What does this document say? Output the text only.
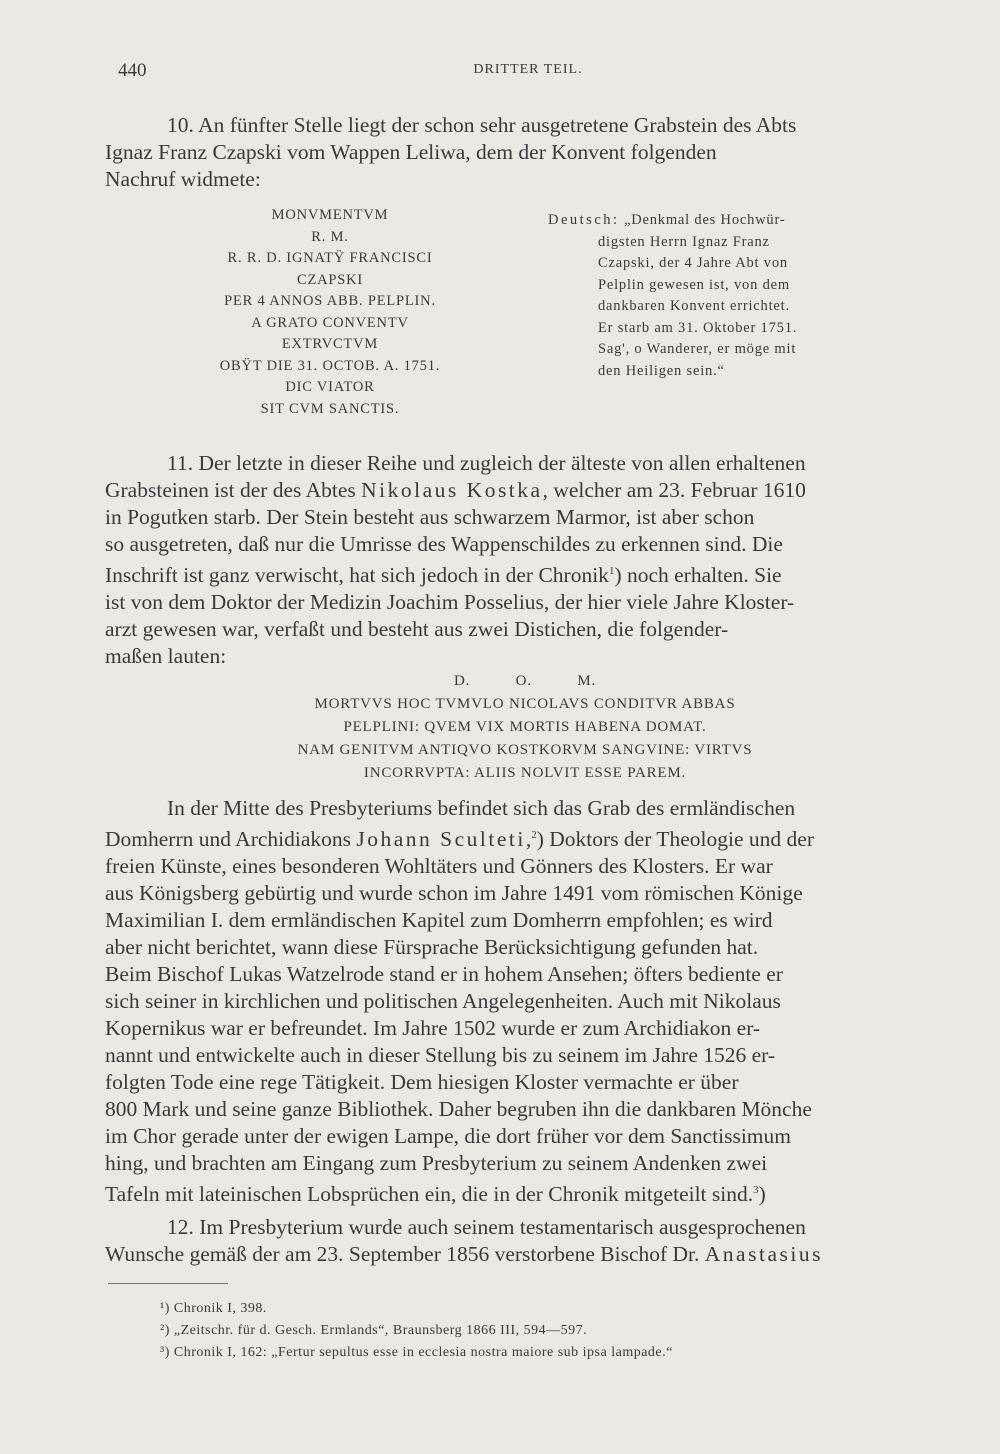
440	DRITTER TEIL.
10. An fünfter Stelle liegt der schon sehr ausgetretene Grabstein des Abts
Ignaz Franz Czapski vom Wappen Leliwa, dem der Konvent folgenden
Nachruf widmete:
MONVMENTVM
R. M.
R. R. D. IGNATŸ FRANCISCI
CZAPSKI
PER 4 ANNOS ABB. PELPLIN.
A GRATO CONVENTV
EXTRVCTVM
OBŸT DIE 31. OCTOB. A. 1751.
DIC VIATOR
SIT CVM SANCTIS.
Deutsch: „Denkmal des Hochwür-
digsten Herrn Ignaz Franz
Czapski, der 4 Jahre Abt von
Pelplin gewesen ist, von dem
dankbaren Konvent errichtet.
Er starb am 31. Oktober 1751.
Sag', o Wanderer, er möge mit
den Heiligen sein.“
11. Der letzte in dieser Reihe und zugleich der älteste von allen erhaltenen
Grabsteinen ist der des Abtes Nikolaus Kostka, welcher am 23. Februar 1610
in Pogutken starb. Der Stein besteht aus schwarzem Marmor, ist aber schon
so ausgetreten, daß nur die Umrisse des Wappenschildes zu erkennen sind. Die
Inschrift ist ganz verwischt, hat sich jedoch in der Chronik$^1$) noch erhalten. Sie
ist von dem Doktor der Medizin Joachim Posselius, der hier viele Jahre Kloster-
arzt gewesen war, verfaßt und besteht aus zwei Distichen, die folgender-
maßen lauten:
D.          O.          M.
MORTVVS HOC TVMVLO NICOLAVS CONDITVR ABBAS
PELPLINI: QVEM VIX MORTIS HABENA DOMAT.
NAM GENITVM ANTIQVO KOSTKORVM SANGVINE: VIRTVS
INCORRVPTA: ALIIS NOLVIT ESSE PAREM.
In der Mitte des Presbyteriums befindet sich das Grab des ermländischen
Domherrn und Archidiakons Johann Sculteti,$^2$) Doktors der Theologie und der
freien Künste, eines besonderen Wohltäters und Gönners des Klosters. Er war
aus Königsberg gebürtig und wurde schon im Jahre 1491 vom römischen Könige
Maximilian I. dem ermländischen Kapitel zum Domherrn empfohlen; es wird
aber nicht berichtet, wann diese Fürsprache Berücksichtigung gefunden hat.
Beim Bischof Lukas Watzelrode stand er in hohem Ansehen; öfters bediente er
sich seiner in kirchlichen und politischen Angelegenheiten. Auch mit Nikolaus
Kopernikus war er befreundet. Im Jahre 1502 wurde er zum Archidiakon er-
nannt und entwickelte auch in dieser Stellung bis zu seinem im Jahre 1526 er-
folgten Tode eine rege Tätigkeit. Dem hiesigen Kloster vermachte er über
800 Mark und seine ganze Bibliothek. Daher begruben ihn die dankbaren Mönche
im Chor gerade unter der ewigen Lampe, die dort früher vor dem Sanctissimum
hing, und brachten am Eingang zum Presbyterium zu seinem Andenken zwei
Tafeln mit lateinischen Lobsprüchen ein, die in der Chronik mitgeteilt sind.$^3$)
12. Im Presbyterium wurde auch seinem testamentarisch ausgesprochenen
Wunsche gemäß der am 23. September 1856 verstorbene Bischof Dr. Anastasius
¹) Chronik I, 398.
²) „Zeitschr. für d. Gesch. Ermlands“, Braunsberg 1866 III, 594—597.
³) Chronik I, 162: „Fertur sepultus esse in ecclesia nostra maiore sub ipsa lampade.“
